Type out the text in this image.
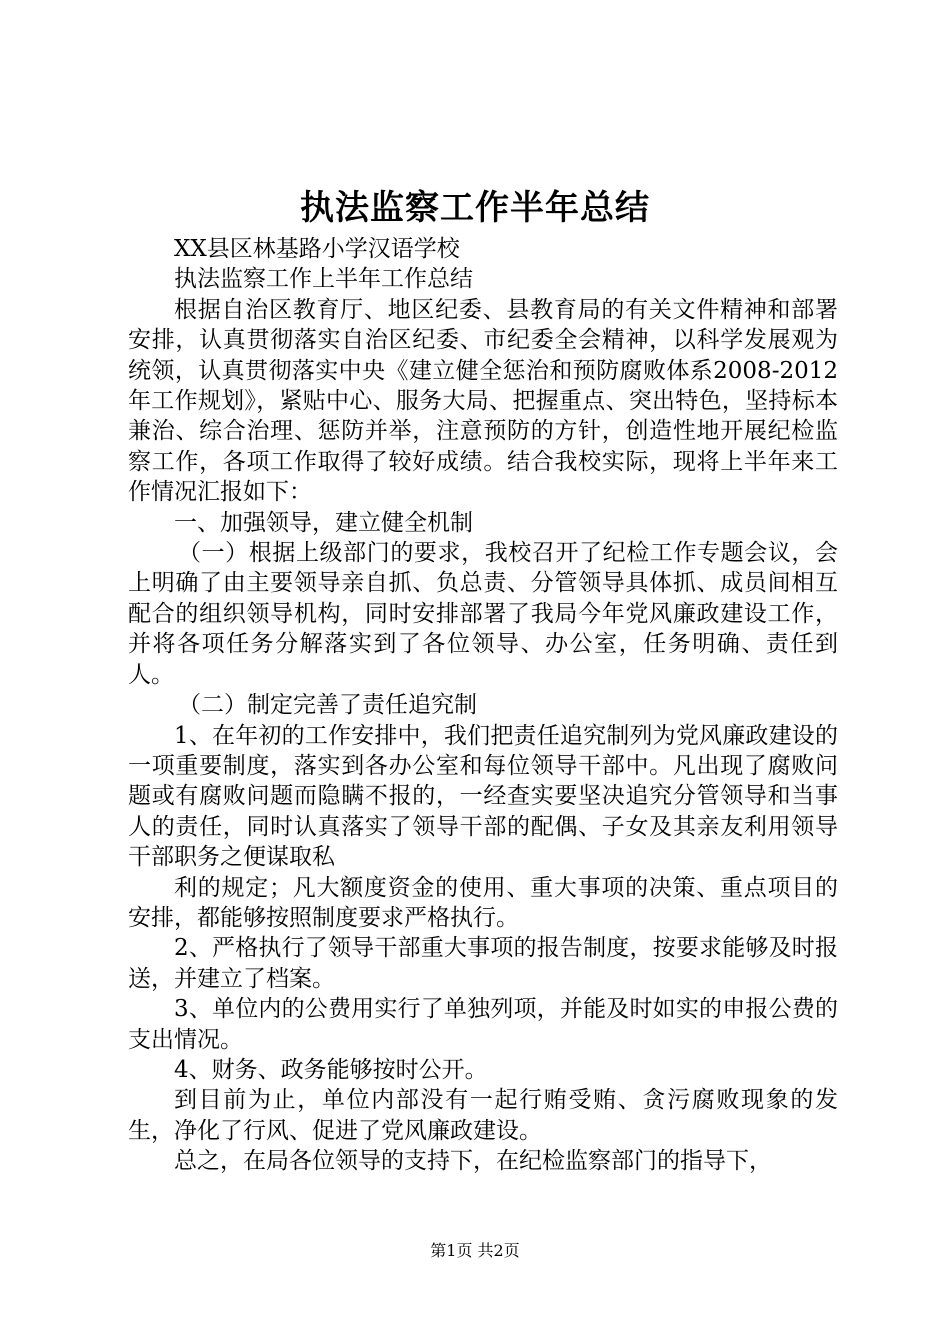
执法监察工作半年总结

XX县区林基路小学汉语学校

执法监察工作上半年工作总结

根据自治区教育厅、地区纪委、县教育局的有关文件精神和部署安排，认真贯彻落实自治区纪委、市纪委全会精神，以科学发展观为统领，认真贯彻落实中央《建立健全惩治和预防腐败体系2008-2012年工作规划》，紧贴中心、服务大局、把握重点、突出特色，坚持标本兼治、综合治理、惩防并举，注意预防的方针，创造性地开展纪检监察工作，各项工作取得了较好成绩。结合我校实际，现将上半年来工作情况汇报如下：

一、加强领导，建立健全机制

（一）根据上级部门的要求，我校召开了纪检工作专题会议，会上明确了由主要领导亲自抓、负总责、分管领导具体抓、成员间相互配合的组织领导机构，同时安排部署了我局今年党风廉政建设工作，并将各项任务分解落实到了各位领导、办公室，任务明确、责任到人。

（二）制定完善了责任追究制

1、在年初的工作安排中，我们把责任追究制列为党风廉政建设的一项重要制度，落实到各办公室和每位领导干部中。凡出现了腐败问题或有腐败问题而隐瞒不报的，一经查实要坚决追究分管领导和当事人的责任，同时认真落实了领导干部的配偶、子女及其亲友利用领导干部职务之便谋取私

利的规定；凡大额度资金的使用、重大事项的决策、重点项目的安排，都能够按照制度要求严格执行。

2、严格执行了领导干部重大事项的报告制度，按要求能够及时报送，并建立了档案。

3、单位内的公费用实行了单独列项，并能及时如实的申报公费的支出情况。

4、财务、政务能够按时公开。

到目前为止，单位内部没有一起行贿受贿、贪污腐败现象的发生，净化了行风、促进了党风廉政建设。

总之，在局各位领导的支持下，在纪检监察部门的指导下，

第1页 共2页
